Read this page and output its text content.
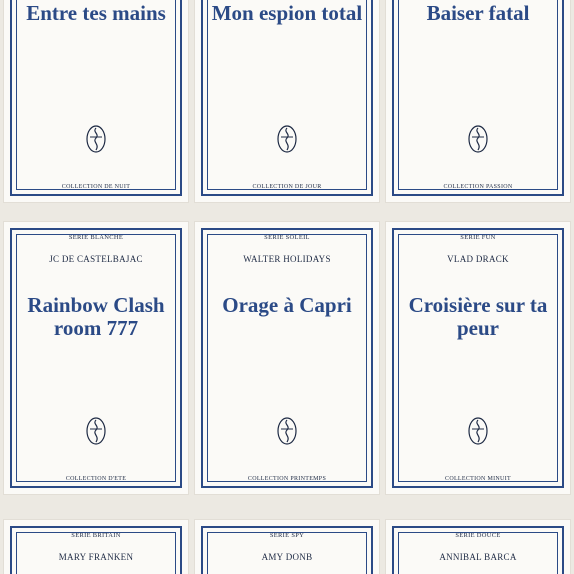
Entre tes mains
COLLECTION DE NUIT
Mon espion total
COLLECTION DE JOUR
Baiser fatal
COLLECTION PASSION
SERIE BLANCHE
JC DE CASTELBAJAC
Rainbow Clash room 777
COLLECTION D'ETE
SERIE SOLEIL
WALTER HOLIDAYS
Orage à Capri
COLLECTION PRINTEMPS
SERIE FUN
VLAD DRACK
Croisière sur ta peur
COLLECTION MINUIT
SERIE BRITAIN
MARY FRANKEN
SERIE SPY
AMY DONB
SERIE DOUCE
ANNIBAL BARCA
